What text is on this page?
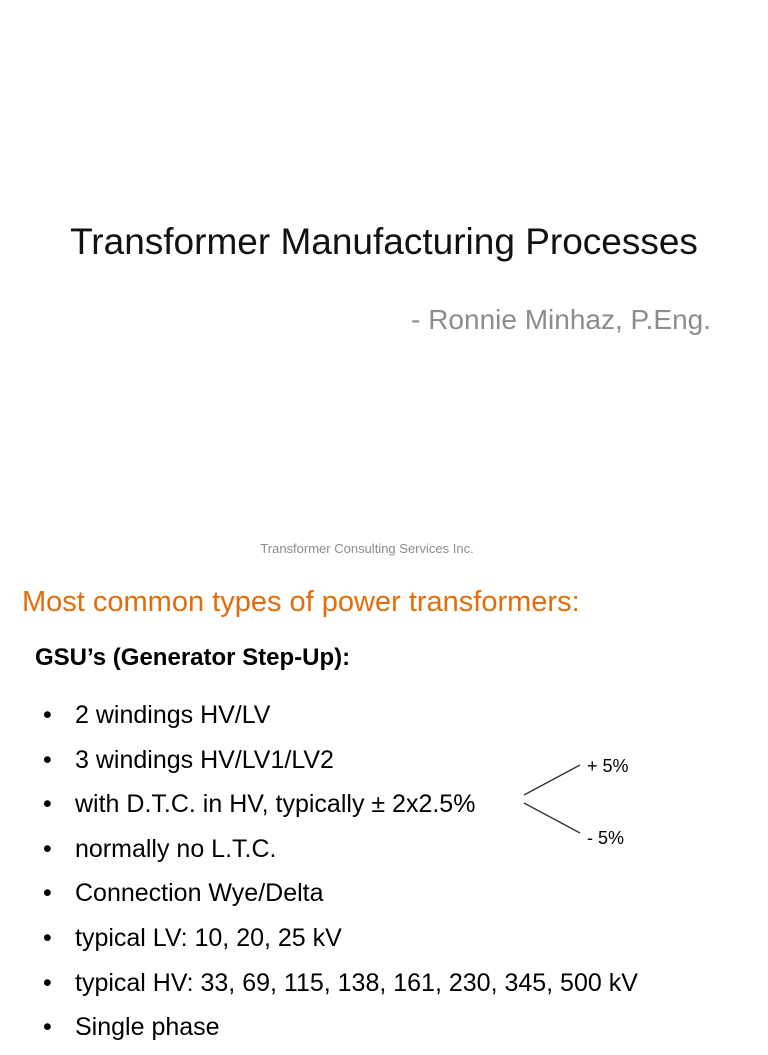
Transformer Manufacturing Processes
- Ronnie Minhaz, P.Eng.
Transformer Consulting Services Inc.
Most common types of power transformers:
GSU’s (Generator Step-Up):
• 2 windings HV/LV
• 3 windings HV/LV1/LV2
• with D.T.C. in HV, typically ± 2x2.5%
• normally no L.T.C.
• Connection Wye/Delta
• typical LV: 10, 20, 25 kV
• typical HV: 33, 69, 115, 138, 161, 230, 345, 500 kV
• Single phase
+ 5%
- 5%
